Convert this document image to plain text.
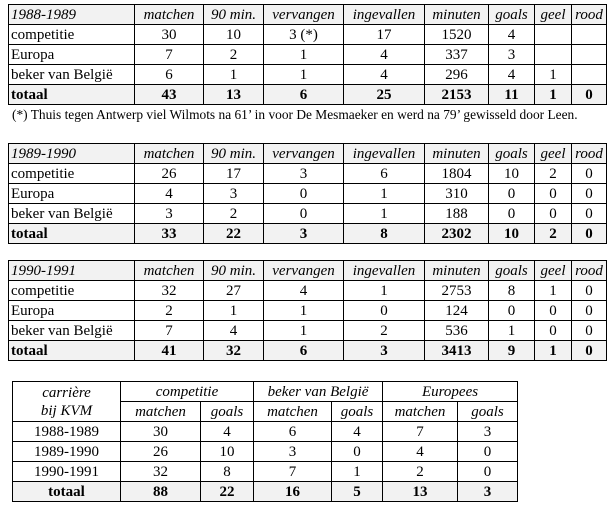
1988-1989	matchen	90 min.	vervangen	ingevallen	minuten	goals	geel	rood
competitie	30	10	3 (*)	17	1520	4		
Europa	7	2	1	4	337	3		
beker van België	6	1	1	4	296	4	1	
totaal	43	13	6	25	2153	11	1	0
(*) Thuis tegen Antwerp viel Wilmots na 61’ in voor De Mesmaeker en werd na 79’ gewisseld door Leen.
1989-1990	matchen	90 min.	vervangen	ingevallen	minuten	goals	geel	rood
competitie	26	17	3	6	1804	10	2	0
Europa	4	3	0	1	310	0	0	0
beker van België	3	2	0	1	188	0	0	0
totaal	33	22	3	8	2302	10	2	0
1990-1991	matchen	90 min.	vervangen	ingevallen	minuten	goals	geel	rood
competitie	32	27	4	1	2753	8	1	0
Europa	2	1	1	0	124	0	0	0
beker van België	7	4	1	2	536	1	0	0
totaal	41	32	6	3	3413	9	1	0
carrière
bij KVM	competitie		beker van België		Europees	
	matchen	goals	matchen	goals	matchen	goals
1988-1989	30	4	6	4	7	3
1989-1990	26	10	3	0	4	0
1990-1991	32	8	7	1	2	0
totaal	88	22	16	5	13	3
